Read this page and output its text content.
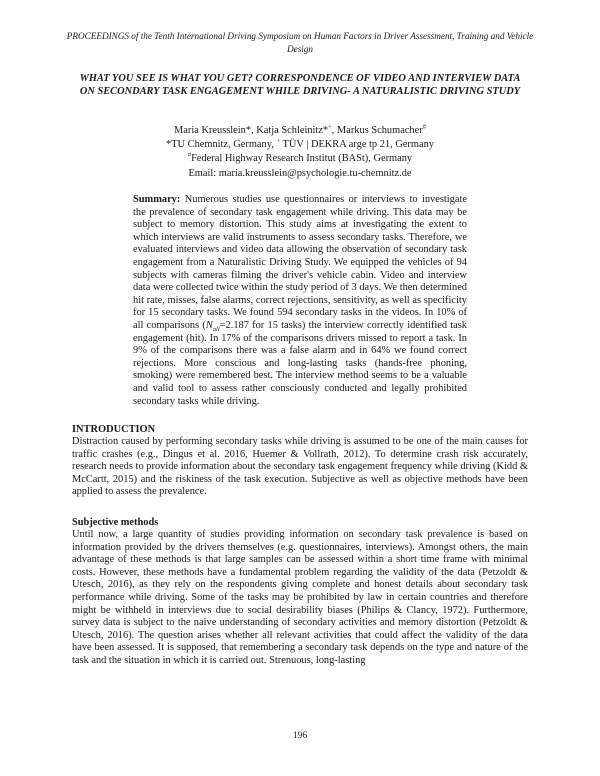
PROCEEDINGS of the Tenth International Driving Symposium on Human Factors in Driver Assessment, Training and Vehicle Design
WHAT YOU SEE IS WHAT YOU GET? CORRESPONDENCE OF VIDEO AND INTERVIEW DATA ON SECONDARY TASK ENGAGEMENT WHILE DRIVING- A NATURALISTIC DRIVING STUDY
Maria Kreusslein*, Katja Schleinitz*+, Markus Schumacher#
*TU Chemnitz, Germany, + TÜV | DEKRA arge tp 21, Germany
#Federal Highway Research Institut (BASt), Germany
Email: maria.kreusslein@psychologie.tu-chemnitz.de
Summary: Numerous studies use questionnaires or interviews to investigate the prevalence of secondary task engagement while driving. This data may be subject to memory distortion. This study aims at investigating the extent to which interviews are valid instruments to assess secondary tasks. Therefore, we evaluated interviews and video data allowing the observation of secondary task engagement from a Naturalistic Driving Study. We equipped the vehicles of 94 subjects with cameras filming the driver's vehicle cabin. Video and interview data were collected twice within the study period of 3 days. We then determined hit rate, misses, false alarms, correct rejections, sensitivity, as well as specificity for 15 secondary tasks. We found 594 secondary tasks in the videos. In 10% of all comparisons ($N_{all}=2.187$ for 15 tasks) the interview correctly identified task engagement (hit). In 17% of the comparisons drivers missed to report a task. In 9% of the comparisons there was a false alarm and in 64% we found correct rejections. More conscious and long-lasting tasks (hands-free phoning, smoking) were remembered best. The interview method seems to be a valuable and valid tool to assess rather consciously conducted and legally prohibited secondary tasks while driving.
INTRODUCTION
Distraction caused by performing secondary tasks while driving is assumed to be one of the main causes for traffic crashes (e.g., Dingus et al. 2016, Huemer & Vollrath, 2012). To determine crash risk accurately, research needs to provide information about the secondary task engagement frequency while driving (Kidd & McCartt, 2015) and the riskiness of the task execution. Subjective as well as objective methods have been applied to assess the prevalence.
Subjective methods
Until now, a large quantity of studies providing information on secondary task prevalence is based on information provided by the drivers themselves (e.g. questionnaires, interviews). Amongst others, the main advantage of these methods is that large samples can be assessed within a short time frame with minimal costs. However, these methods have a fundamental problem regarding the validity of the data (Petzoldt & Utesch, 2016), as they rely on the respondents giving complete and honest details about secondary task performance while driving. Some of the tasks may be prohibited by law in certain countries and therefore might be withheld in interviews due to social desirability biases (Philips & Clancy, 1972). Furthermore, survey data is subject to the naive understanding of secondary activities and memory distortion (Petzoldt & Utesch, 2016). The question arises whether all relevant activities that could affect the validity of the data have been assessed. It is supposed, that remembering a secondary task depends on the type and nature of the task and the situation in which it is carried out. Strenuous, long-lasting
196
